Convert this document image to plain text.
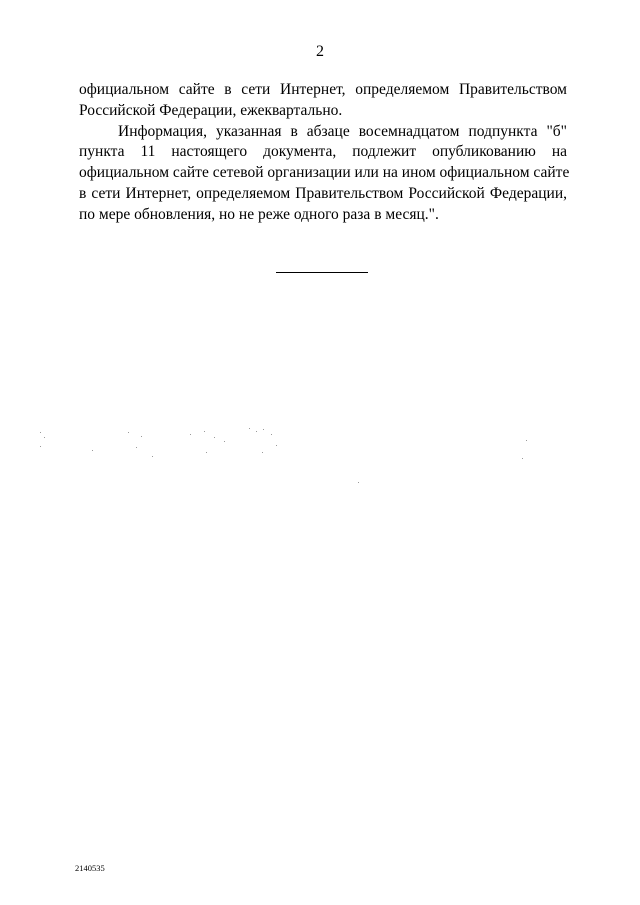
2
официальном сайте в сети Интернет, определяемом Правительством
Российской Федерации, ежеквартально.
Информация, указанная в абзаце восемнадцатом подпункта "б"
пункта 11 настоящего документа, подлежит опубликованию на
официальном сайте сетевой организации или на ином официальном сайте
в сети Интернет, определяемом Правительством Российской Федерации,
по мере обновления, но не реже одного раза в месяц.".
2140535
